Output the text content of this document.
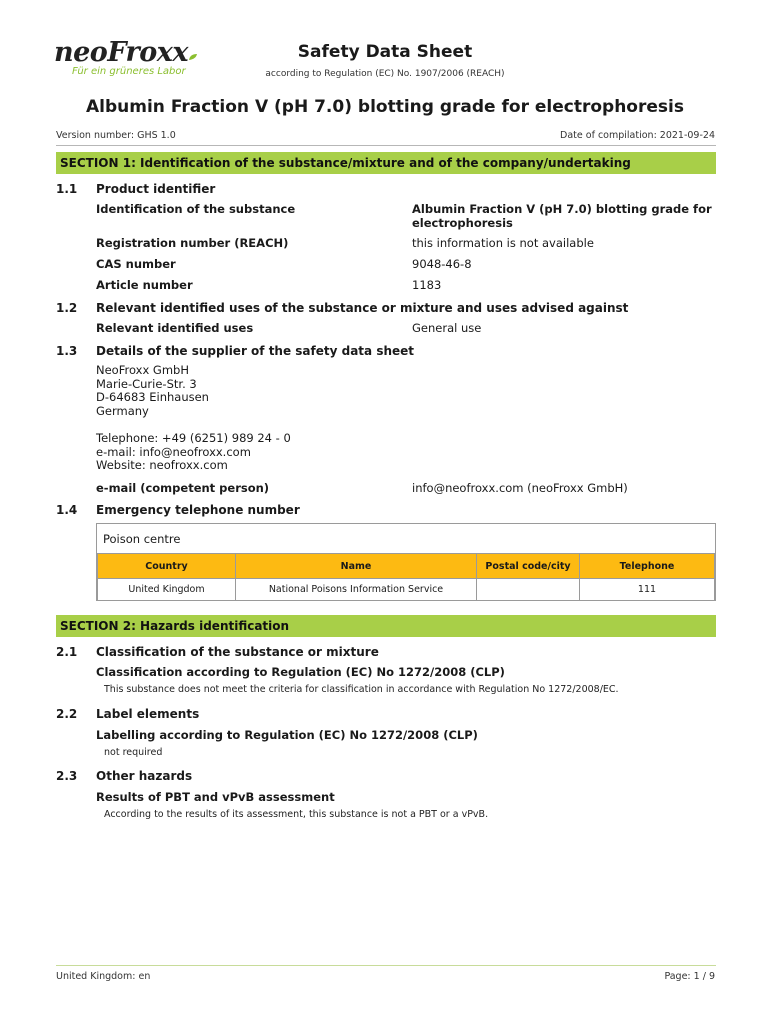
neoFroxx
Für ein grüneres Labor
Safety Data Sheet
according to Regulation (EC) No. 1907/2006 (REACH)
Albumin Fraction V (pH 7.0) blotting grade for electrophoresis
Version number: GHS 1.0	Date of compilation: 2021-09-24
SECTION 1: Identification of the substance/mixture and of the company/undertaking
1.1 Product identifier
Identification of the substance	Albumin Fraction V (pH 7.0) blotting grade for electrophoresis
Registration number (REACH)	this information is not available
CAS number	9048-46-8
Article number	1183
1.2 Relevant identified uses of the substance or mixture and uses advised against
Relevant identified uses	General use
1.3 Details of the supplier of the safety data sheet
NeoFroxx GmbH
Marie-Curie-Str. 3
D-64683 Einhausen
Germany
Telephone: +49 (6251) 989 24 - 0
e-mail: info@neofroxx.com
Website: neofroxx.com
e-mail (competent person)	info@neofroxx.com (neoFroxx GmbH)
1.4 Emergency telephone number
Poison centre
Country	Name	Postal code/city	Telephone
United Kingdom	National Poisons Information Service		111
SECTION 2: Hazards identification
2.1 Classification of the substance or mixture
Classification according to Regulation (EC) No 1272/2008 (CLP)
This substance does not meet the criteria for classification in accordance with Regulation No 1272/2008/EC.
2.2 Label elements
Labelling according to Regulation (EC) No 1272/2008 (CLP)
not required
2.3 Other hazards
Results of PBT and vPvB assessment
According to the results of its assessment, this substance is not a PBT or a vPvB.
United Kingdom: en	Page: 1 / 9
